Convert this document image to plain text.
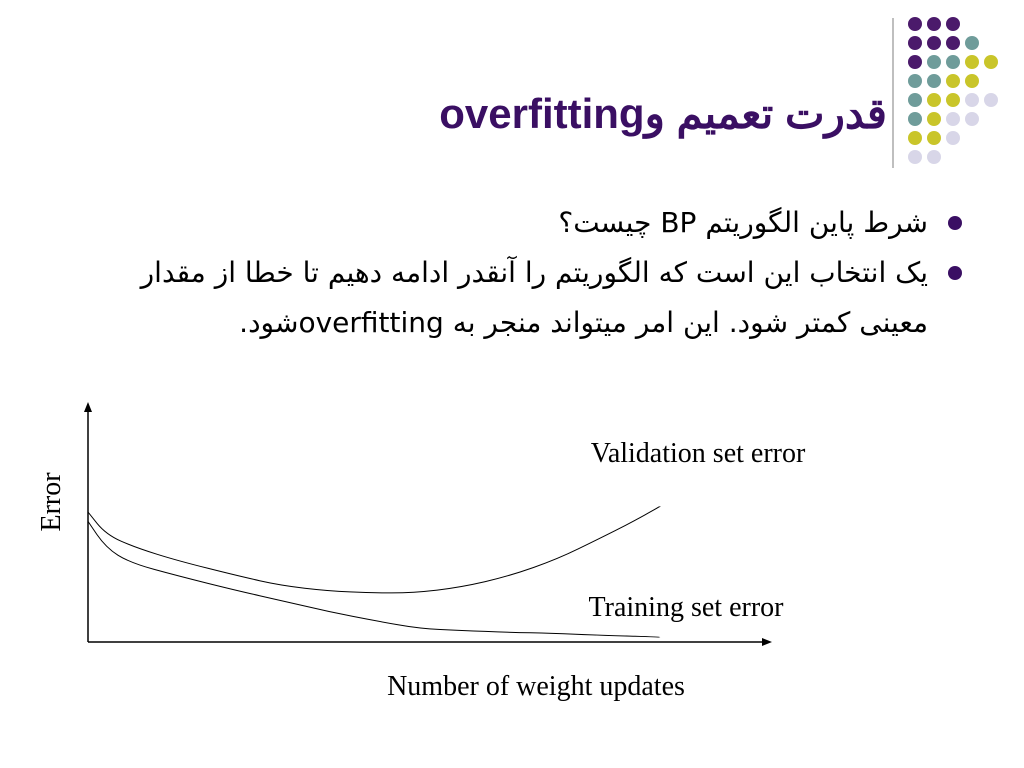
قدرت تعمیم وoverfitting

شرط پاین الگوریتم BP چیست؟

یک انتخاب این است که الگوریتم را آنقدر ادامه دهیم تا خطا از مقدار معینی کمتر شود. این امر میتواند منجر به overfittingشود.

Error
Number of weight updates
Validation set error
Training set error
